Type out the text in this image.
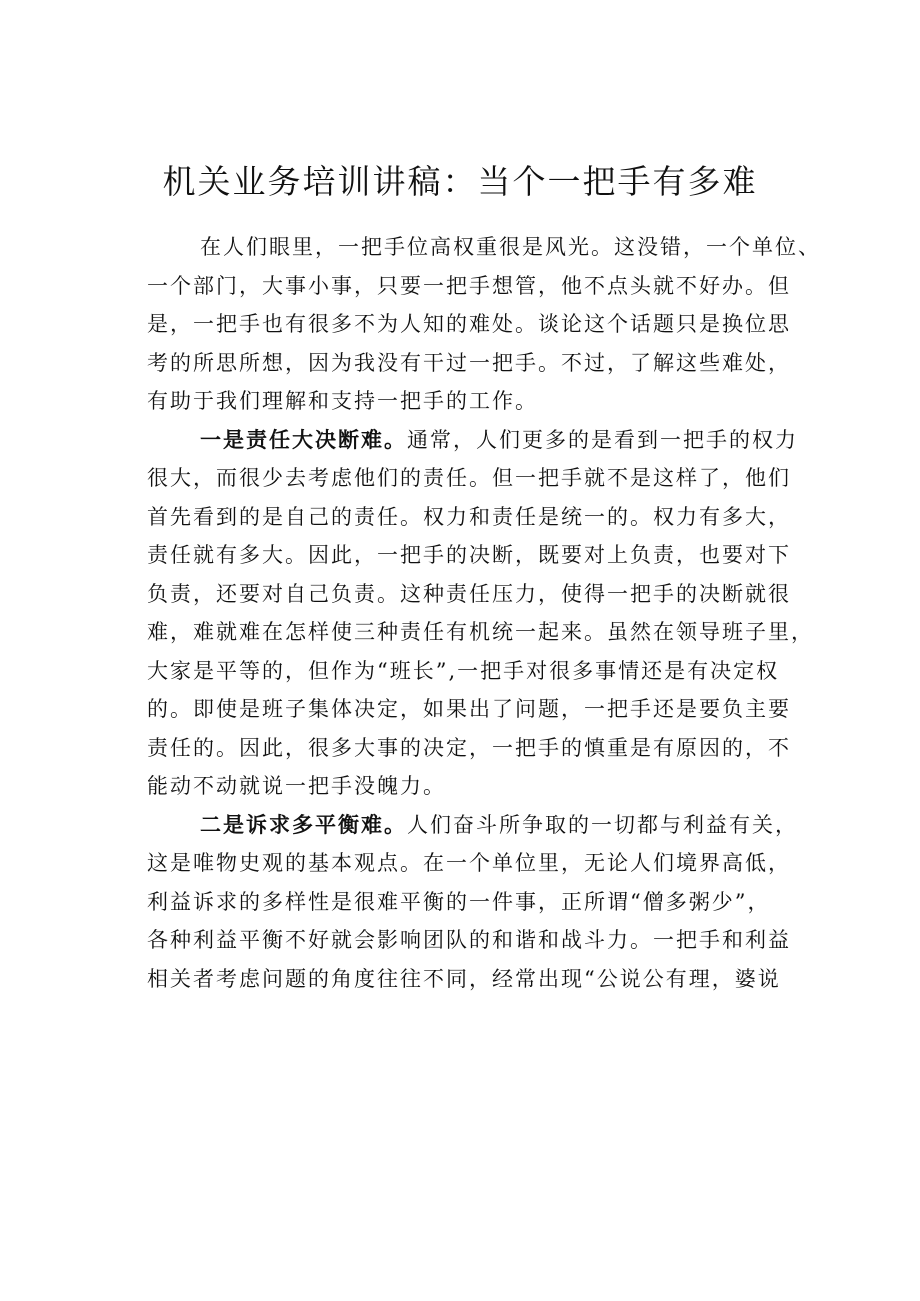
机关业务培训讲稿：当个一把手有多难

在人们眼里，一把手位高权重很是风光。这没错，一个单位、
一个部门，大事小事，只要一把手想管，他不点头就不好办。但
是，一把手也有很多不为人知的难处。谈论这个话题只是换位思
考的所思所想，因为我没有干过一把手。不过，了解这些难处，
有助于我们理解和支持一把手的工作。

一是责任大决断难。通常，人们更多的是看到一把手的权力
很大，而很少去考虑他们的责任。但一把手就不是这样了，他们
首先看到的是自己的责任。权力和责任是统一的。权力有多大，
责任就有多大。因此，一把手的决断，既要对上负责，也要对下
负责，还要对自己负责。这种责任压力，使得一把手的决断就很
难，难就难在怎样使三种责任有机统一起来。虽然在领导班子里，
大家是平等的，但作为“班长”,一把手对很多事情还是有决定权
的。即使是班子集体决定，如果出了问题，一把手还是要负主要
责任的。因此，很多大事的决定，一把手的慎重是有原因的，不
能动不动就说一把手没魄力。

二是诉求多平衡难。人们奋斗所争取的一切都与利益有关，
这是唯物史观的基本观点。在一个单位里，无论人们境界高低，
利益诉求的多样性是很难平衡的一件事，正所谓“僧多粥少”，
各种利益平衡不好就会影响团队的和谐和战斗力。一把手和利益
相关者考虑问题的角度往往不同，经常出现“公说公有理，婆说
